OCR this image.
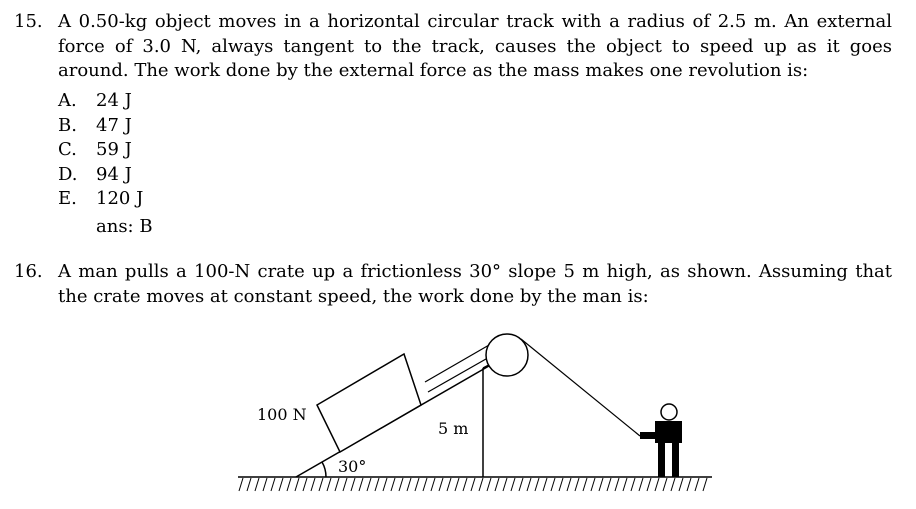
15. A 0.50-kg object moves in a horizontal circular track with a radius of 2.5 m. An external force of 3.0 N, always tangent to the track, causes the object to speed up as it goes around. The work done by the external force as the mass makes one revolution is:
A. 24 J
B. 47 J
C. 59 J
D. 94 J
E. 120 J
ans: B
16. A man pulls a 100-N crate up a frictionless 30° slope 5 m high, as shown. Assuming that the crate moves at constant speed, the work done by the man is:
100 N
5 m
30°
